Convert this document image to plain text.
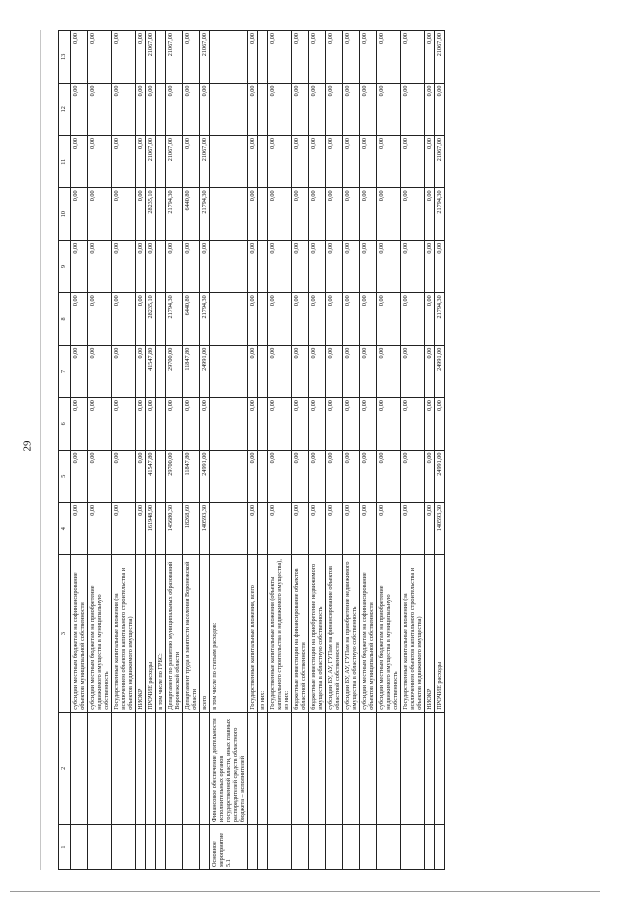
29
1	2	3	4	5	6	7	8	9	10	11	12	13
		субсидии местным бюджетам на софинансирование объектов муниципальной собственности	0,00	0,00	0,00	0,00	0,00	0,00	0,00	0,00	0,00	0,00
		субсидии местным бюджетам на приобретение недвижимого имущества в муниципальную собственность	0,00	0,00	0,00	0,00	0,00	0,00	0,00	0,00	0,00	0,00
		Государственные капитальные вложения (за исключением объектов капитального строительства и объектов недвижимого имущества)	0,00	0,00	0,00	0,00	0,00	0,00	0,00	0,00	0,00	0,00
		НИОКР	0,00	0,00	0,00	0,00	0,00	0,00	0,00	0,00	0,00	0,00
		ПРОЧИЕ расходы	161948,90	41547,80	0,00	41547,80	28235,10	0,00	28235,10	21067,00	0,00	21067,00
		в том числе по ГРБС:										
		Департамент по развитию муниципальных образований Воронежской области	145680,30	29700,00	0,00	29700,00	21794,30	0,00	21794,30	21067,00	0,00	21067,00
		Департамент труда и занятости населения Воронежской области	18268,60	11847,80	0,00	11847,80	6440,80	0,00	6440,80	0,00	0,00	0,00
		всего	140593,30	24991,00	0,00	24991,00	21794,30	0,00	21794,30	21067,00	0,00	21067,00
Основное мероприятие 5.1	Финансовое обеспечение деятельности исполнительных органов государственной власти, иных главных распорядителей средств областного бюджета – исполнителей	в том числе по статьям расходов:										
		Государственные капитальные вложения, всего	0,00	0,00	0,00	0,00	0,00	0,00	0,00	0,00	0,00	0,00
		из них:										
		Государственные капитальные вложения (объекты капитального строительства и недвижимого имущества), из них:	0,00	0,00	0,00	0,00	0,00	0,00	0,00	0,00	0,00	0,00
		бюджетные инвестиции на финансирование объектов областной собственности	0,00	0,00	0,00	0,00	0,00	0,00	0,00	0,00	0,00	0,00
		бюджетные инвестиции на приобретение недвижимого имущества в областную собственность	0,00	0,00	0,00	0,00	0,00	0,00	0,00	0,00	0,00	0,00
		субсидии БУ, АУ, ГУПам на финансирование объектов областной собственности	0,00	0,00	0,00	0,00	0,00	0,00	0,00	0,00	0,00	0,00
		субсидии БУ, АУ, ГУПам на приобретение недвижимого имущества в областную собственность	0,00	0,00	0,00	0,00	0,00	0,00	0,00	0,00	0,00	0,00
		субсидии местным бюджетам на софинансирование объектов муниципальной собственности	0,00	0,00	0,00	0,00	0,00	0,00	0,00	0,00	0,00	0,00
		субсидии местным бюджетам на приобретение недвижимого имущества в муниципальную собственность	0,00	0,00	0,00	0,00	0,00	0,00	0,00	0,00	0,00	0,00
		Государственные капитальные вложения (за исключением объектов капитального строительства и объектов недвижимого имущества)	0,00	0,00	0,00	0,00	0,00	0,00	0,00	0,00	0,00	0,00
		НИОКР	0,00	0,00	0,00	0,00	0,00	0,00	0,00	0,00	0,00	0,00
		ПРОЧИЕ расходы	140593,30	24991,00	0,00	24991,00	21794,30	0,00	21794,30	21067,00	0,00	21067,00
